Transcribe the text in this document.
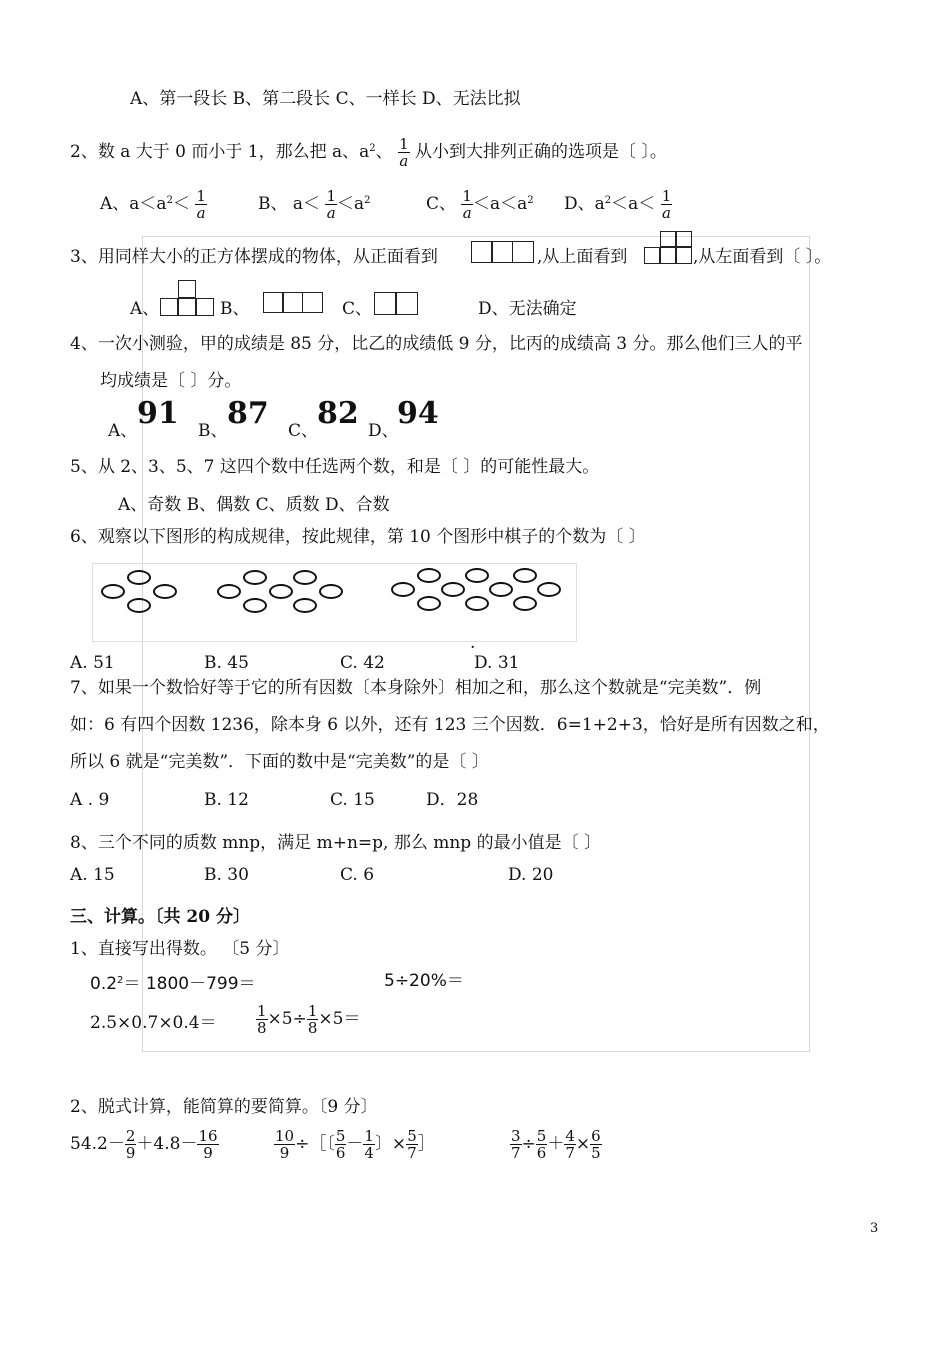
A、第一段长 B、第二段长 C、一样长 D、无法比拟
2、数 a 大于 0 而小于 1，那么把 a、$a^2$、 $\frac{1}{a}$ 从小到大排列正确的选项是〔 〕。
A、$a<a^2< \frac{1}{a}$	B、 $a< \frac{1}{a} <a^2$	C、 $\frac{1}{a} <a<a^2$ D、$a^2<a< \frac{1}{a}$
3、用同样大小的正方体摆成的物体，从正面看到	,从上面看到	,从左面看到〔 〕。
A、	B、	C、	D、无法确定
4、一次小测验，甲的成绩是 85 分，比乙的成绩低 9 分，比丙的成绩高 3 分。那么他们三人的平
均成绩是〔 〕分。
A、 91 B、 87 C、
82 D、
94
5、从 2、3、5、7 这四个数中任选两个数，和是〔 〕的可能性最大。
A、奇数 B、偶数 C、质数 D、合数
6、观察以下图形的构成规律，按此规律，第 10 个图形中棋子的个数为〔 〕
.
A. 51	B. 45	C. 42	D. 31
7、如果一个数恰好等于它的所有因数〔本身除外〕相加之和，那么这个数就是“完美数”．例
如：6 有四个因数 1236，除本身 6 以外，还有 123 三个因数．6=1+2+3，恰好是所有因数之和，
所以 6 就是“完美数”．下面的数中是“完美数”的是〔 〕
A . 9	B. 12	C. 15	D．28
8、三个不同的质数 mnp，满足 m+n=p, 那么 mnp 的最小值是〔 〕
A. 15	B. 30	C. 6	D. 20
三、计算。〔共 20 分〕
1、直接写出得数。 〔5 分〕
$0.2^2= 1800-799=$	5÷20%＝
2.5×0.7×0.4＝	$\frac{1}{8} \times 5\div \frac{1}{8} \times 5=$
2、脱式计算，能简算的要简算。〔9 分〕
$54.2- \frac{2}{9} +4.8- \frac{16}{9}$	$\frac{10}{9}$ ÷［〔 $\frac{5}{6} - \frac{1}{4}$ 〕× $\frac{5}{7}$ ］	$\frac{3}{7} \div \frac{5}{6} + \frac{4}{7} \times \frac{6}{5}$
3
